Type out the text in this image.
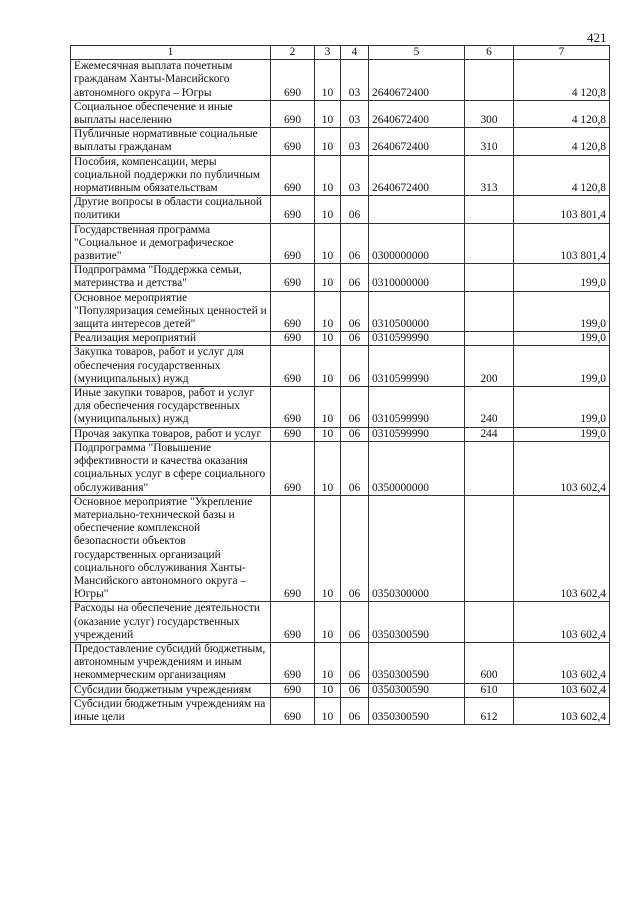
421
1	2	3	4	5	6	7
Ежемесячная выплата почетным гражданам Ханты-Мансийского автономного округа – Югры	690	10	03	2640672400		4 120,8
Социальное обеспечение и иные выплаты населению	690	10	03	2640672400	300	4 120,8
Публичные нормативные социальные выплаты гражданам	690	10	03	2640672400	310	4 120,8
Пособия, компенсации, меры социальной поддержки по публичным нормативным обязательствам	690	10	03	2640672400	313	4 120,8
Другие вопросы в области социальной политики	690	10	06			103 801,4
Государственная программа "Социальное и демографическое развитие"	690	10	06	0300000000		103 801,4
Подпрограмма "Поддержка семьи, материнства и детства"	690	10	06	0310000000		199,0
Основное мероприятие "Популяризация семейных ценностей и защита интересов детей"	690	10	06	0310500000		199,0
Реализация мероприятий	690	10	06	0310599990		199,0
Закупка товаров, работ и услуг для обеспечения государственных (муниципальных) нужд	690	10	06	0310599990	200	199,0
Иные закупки товаров, работ и услуг для обеспечения государственных (муниципальных) нужд	690	10	06	0310599990	240	199,0
Прочая закупка товаров, работ и услуг	690	10	06	0310599990	244	199,0
Подпрограмма "Повышение эффективности и качества оказания социальных услуг в сфере социального обслуживания"	690	10	06	0350000000		103 602,4
Основное мероприятие "Укрепление материально-технической базы и обеспечение комплексной безопасности объектов государственных организаций социального обслуживания Ханты-Мансийского автономного округа – Югры"	690	10	06	0350300000		103 602,4
Расходы на обеспечение деятельности (оказание услуг) государственных учреждений	690	10	06	0350300590		103 602,4
Предоставление субсидий бюджетным, автономным учреждениям и иным некоммерческим организациям	690	10	06	0350300590	600	103 602,4
Субсидии бюджетным учреждениям	690	10	06	0350300590	610	103 602,4
Субсидии бюджетным учреждениям на иные цели	690	10	06	0350300590	612	103 602,4
